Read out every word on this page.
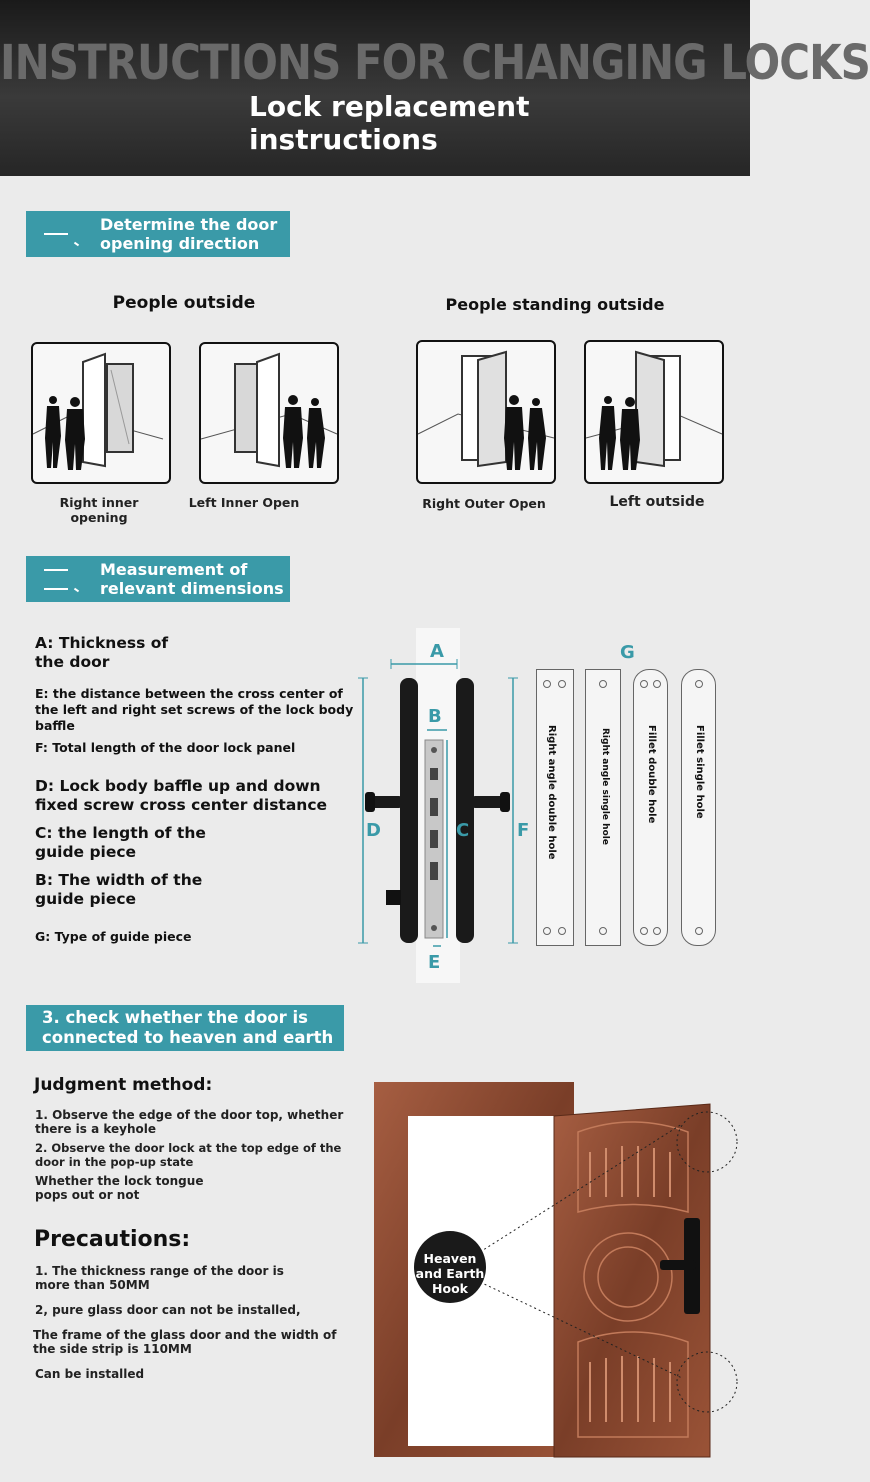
INSTRUCTIONS FOR CHANGING LOCKS
Lock replacement instructions
Determine the door opening direction
People outside	People standing outside
Right inner opening
Left Inner Open	Right Outer Open	Left outside
Measurement of relevant dimensions
A: Thickness of the door
E: the distance between the cross center of the left and right set screws of the lock body baffle
F: Total length of the door lock panel
D: Lock body baffle up and down fixed screw cross center distance
C: the length of the guide piece
B: The width of the guide piece
G: Type of guide piece
A
B
C
D
E
F
G
Right angle double hole	Right angle single hole	Fillet double hole	Fillet single hole
3. check whether the door is connected to heaven and earth
Judgment method:
1. Observe the edge of the door top, whether there is a keyhole
2. Observe the door lock at the top edge of the door in the pop-up state
Whether the lock tongue pops out or not
Precautions:
1. The thickness range of the door is more than 50MM
2, pure glass door can not be installed,
The frame of the glass door and the width of the side strip is 110MM
Can be installed
Heaven and Earth Hook
